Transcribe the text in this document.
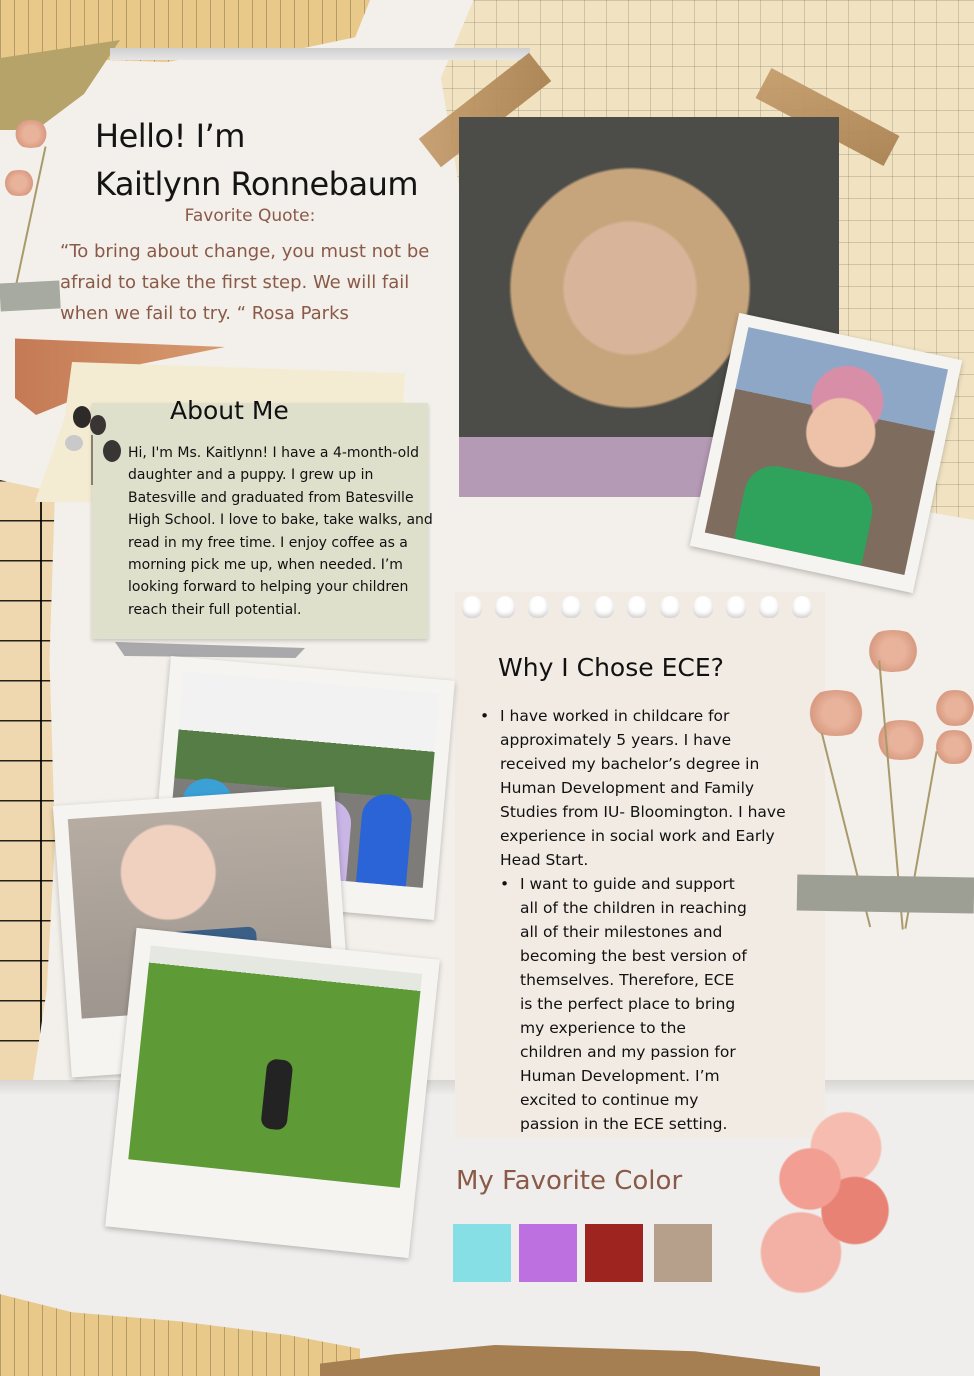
Hello! I’m
Kaitlynn Ronnebaum
Favorite Quote:
“To bring about change, you must not be afraid to take the first step. We will fail when we fail to try. “ Rosa Parks
About Me
Hi, I'm Ms. Kaitlynn! I have a 4-month-old daughter and a puppy. I grew up in Batesville and graduated from Batesville High School. I love to bake, take walks, and read in my free time. I enjoy coffee as a morning pick me up, when needed. I’m looking forward to helping your children reach their full potential.
Why I Chose ECE?
• I have worked in childcare for approximately 5 years. I have received my bachelor’s degree in Human Development and Family Studies from IU- Bloomington. I have experience in social work and Early Head Start.
• I want to guide and support all of the children in reaching all of their milestones and becoming the best version of themselves. Therefore, ECE is the perfect place to bring my experience to the children and my passion for Human Development. I’m excited to continue my passion in the ECE setting.
My Favorite Color
